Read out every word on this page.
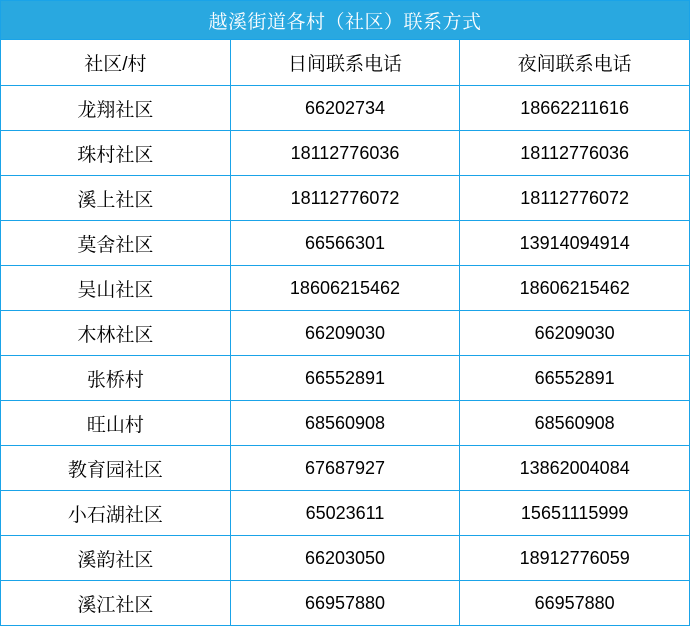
越溪街道各村（社区）联系方式		
社区/村	日间联系电话	夜间联系电话
龙翔社区	66202734	18662211616
珠村社区	18112776036	18112776036
溪上社区	18112776072	18112776072
莫舍社区	66566301	13914094914
吴山社区	18606215462	18606215462
木林社区	66209030	66209030
张桥村	66552891	66552891
旺山村	68560908	68560908
教育园社区	67687927	13862004084
小石湖社区	65023611	15651115999
溪韵社区	66203050	18912776059
溪江社区	66957880	66957880
